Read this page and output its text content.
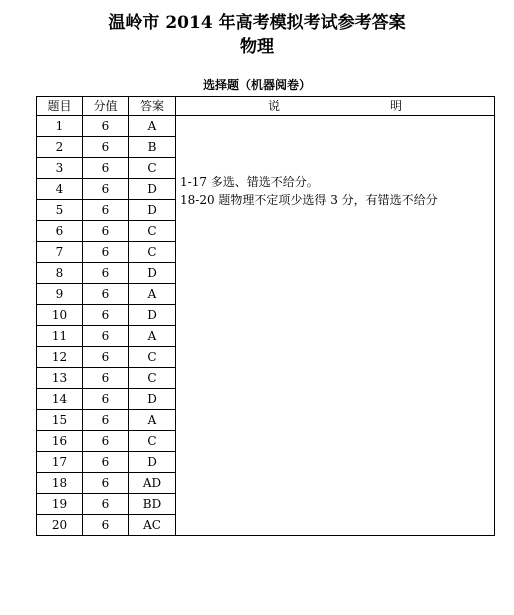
温岭市 2014 年高考模拟考试参考答案
物理
选择题（机器阅卷）
题目	分值	答案	说 明
1	6	A	1-17 多选、错选不给分。
18-20 题物理不定项少选得 3 分，有错选不给分

2	6	B	
3	6	C	
4	6	D	
5	6	D	
6	6	C	
7	6	C	
8	6	D	
9	6	A	
10	6	D	
11	6	A	
12	6	C	
13	6	C	
14	6	D	
15	6	A	
16	6	C	
17	6	D	
18	6	AD	
19	6	BD	
20	6	AC	
